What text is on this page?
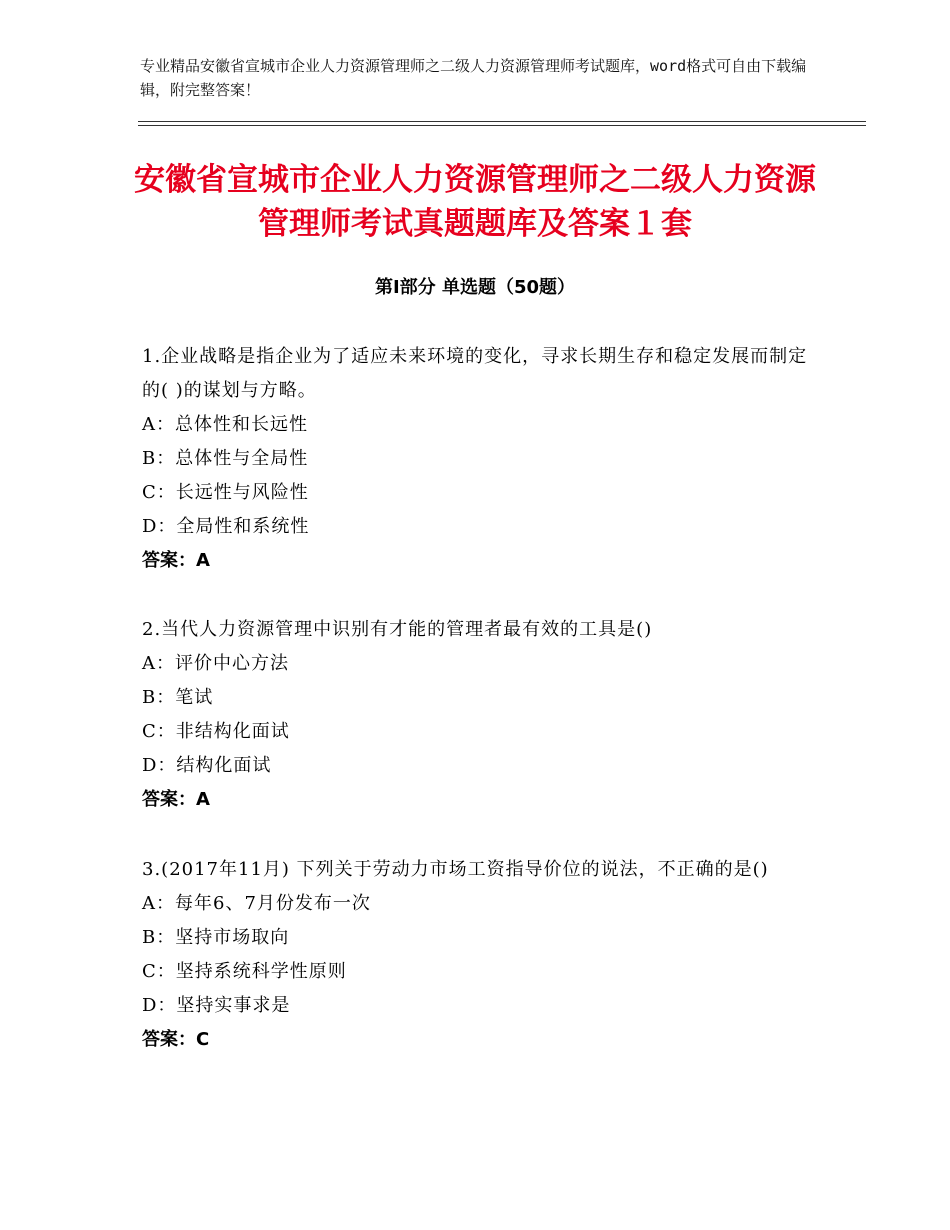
专业精品安徽省宣城市企业人力资源管理师之二级人力资源管理师考试题库，word格式可自由下载编辑，附完整答案！
安徽省宣城市企业人力资源管理师之二级人力资源管理师考试真题题库及答案１套
第Ⅰ部分 单选题（50题）
1.企业战略是指企业为了适应未来环境的变化，寻求长期生存和稳定发展而制定的( )的谋划与方略。
A：总体性和长远性
B：总体性与全局性
C：长远性与风险性
D：全局性和系统性
答案：A
2.当代人力资源管理中识别有才能的管理者最有效的工具是()
A：评价中心方法
B：笔试
C：非结构化面试
D：结构化面试
答案：A
3.(2017年11月) 下列关于劳动力市场工资指导价位的说法，不正确的是()
A：每年6、7月份发布一次
B：坚持市场取向
C：坚持系统科学性原则
D：坚持实事求是
答案：C
